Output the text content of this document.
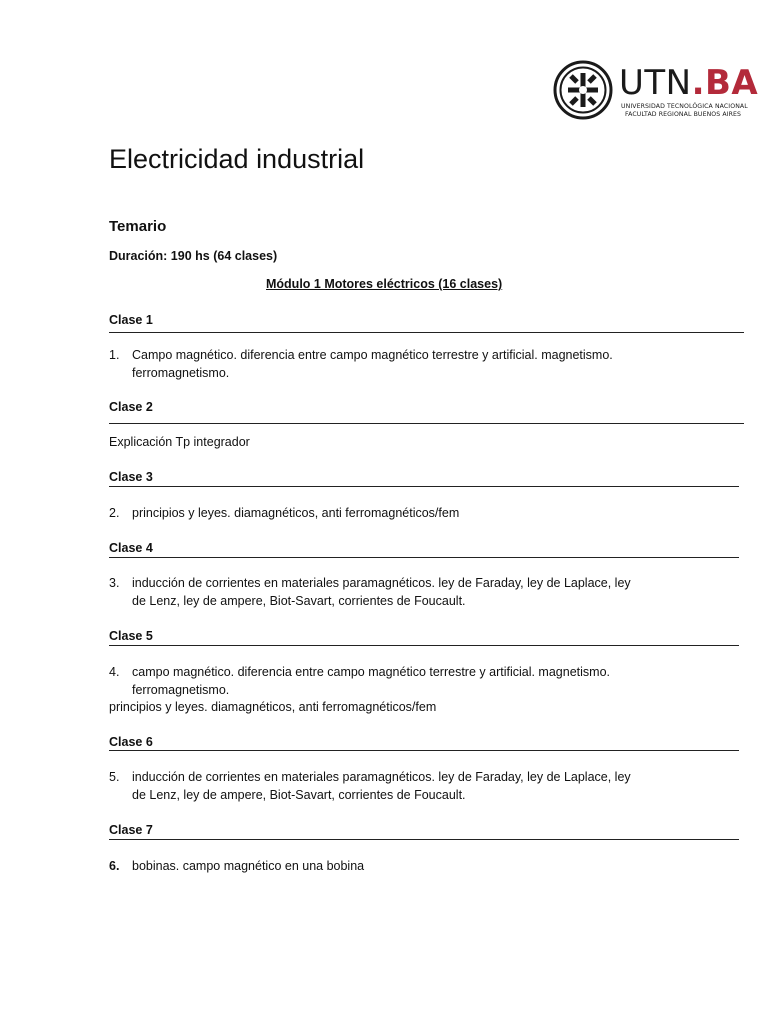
UTN.BA
UNIVERSIDAD TECNOLÓGICA NACIONAL
FACULTAD REGIONAL BUENOS AIRES
Electricidad industrial
Temario
Duración: 190 hs (64 clases)
Módulo 1 Motores eléctricos (16 clases)
Clase 1
1. Campo magnético. diferencia entre campo magnético terrestre y artificial. magnetismo.
ferromagnetismo.
Clase 2
Explicación Tp integrador
Clase 3
2. principios y leyes. diamagnéticos, anti ferromagnéticos/fem
Clase 4
3. inducción de corrientes en materiales paramagnéticos. ley de Faraday, ley de Laplace, ley
de Lenz, ley de ampere, Biot-Savart, corrientes de Foucault.
Clase 5
4. campo magnético. diferencia entre campo magnético terrestre y artificial. magnetismo.
ferromagnetismo.
principios y leyes. diamagnéticos, anti ferromagnéticos/fem
Clase 6
5. inducción de corrientes en materiales paramagnéticos. ley de Faraday, ley de Laplace, ley
de Lenz, ley de ampere, Biot-Savart, corrientes de Foucault.
Clase 7
6. bobinas. campo magnético en una bobina
